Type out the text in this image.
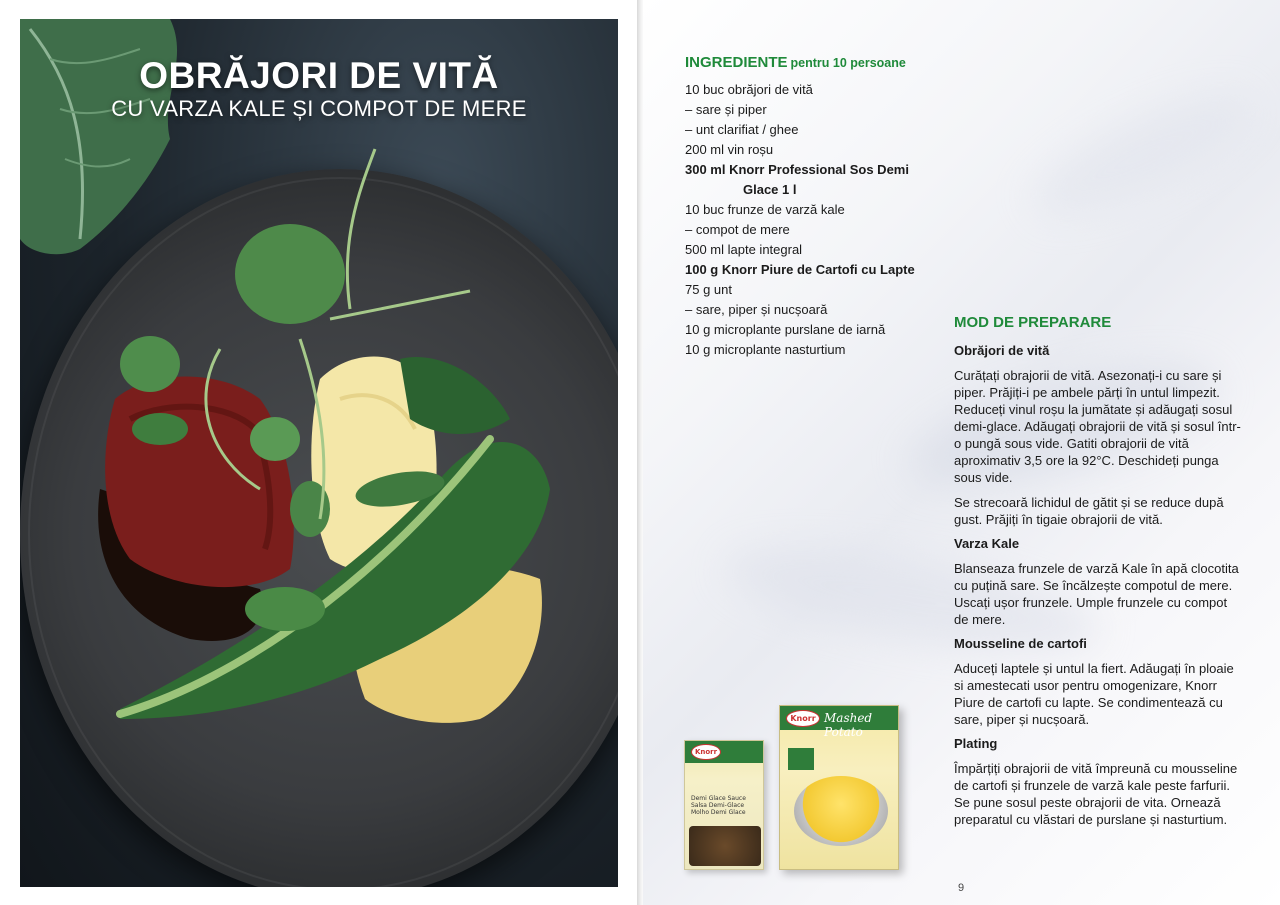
OBRĂJORI DE VITĂ
CU VARZA KALE ȘI COMPOT DE MERE
INGREDIENTE pentru 10 persoane
10 buc obrăjori de vită
– sare și piper
– unt clarifiat / ghee
200 ml vin roșu
300 ml Knorr Professional Sos Demi
Glace 1 l
10 buc frunze de varză kale
– compot de mere
500 ml lapte integral
100 g Knorr Piure de Cartofi cu Lapte
75 g unt
– sare, piper și nucșoară
10 g microplante purslane de iarnă
10 g microplante nasturtium
MOD DE PREPARARE
Obrăjori de vită

Curățați obrajorii de vită. Asezonați-i cu sare și piper. Prăjiți-i pe ambele părți în untul limpezit. Reduceți vinul roșu la jumătate și adăugați sosul demi-glace. Adăugați obrajorii de vită și sosul într-o pungă sous vide. Gatiti obrajorii de vită aproximativ 3,5 ore la 92°C. Deschideți punga sous vide.

Se strecoară lichidul de gătit și se reduce după gust. Prăjiți în tigaie obrajorii de vită.

Varza Kale

Blanseaza frunzele de varză Kale în apă clocotita cu puțină sare. Se încălzește compotul de mere. Uscați ușor frunzele. Umple frunzele cu compot de mere.

Mousseline de cartofi

Aduceți laptele și untul la fiert. Adăugați în ploaie si amestecati usor pentru omogenizare, Knorr Piure de cartofi cu lapte. Se condimentează cu sare, piper și nucșoară.

Plating

Împărțiți obrajorii de vită împreună cu mousseline de cartofi și frunzele de varză kale peste farfurii. Se pune sosul peste obrajorii de vita. Ornează preparatul cu vlăstari de purslane și nasturtium.

Knorr
Demi Glace Sauce
Salsa Demi-Glace
Molho Demi Glace
Knorr Mashed Potato
9
